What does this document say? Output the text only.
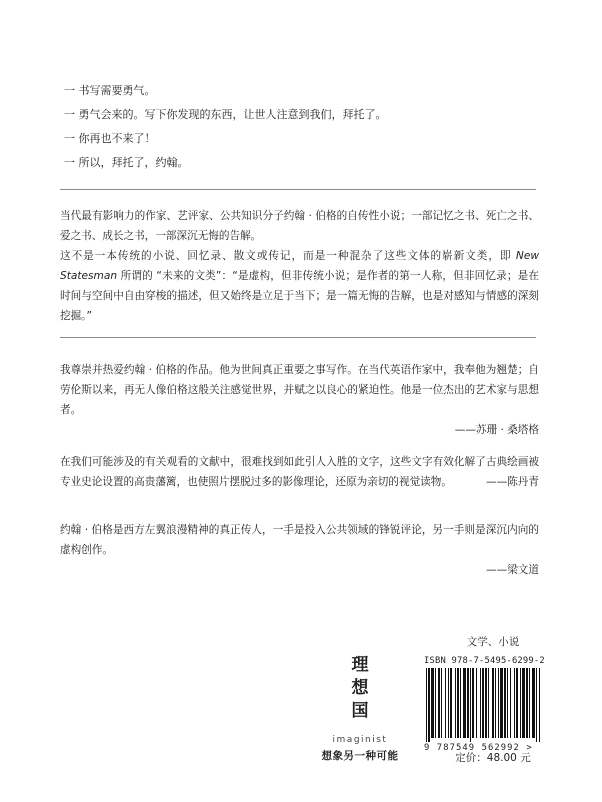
一 书写需要勇气。
一 勇气会来的。写下你发现的东西，让世人注意到我们，拜托了。
一 你再也不来了！
一 所以，拜托了，约翰。

当代最有影响力的作家、艺评家、公共知识分子约翰 · 伯格的自传性小说；一部记忆之书、死亡之书、爱之书、成长之书，一部深沉无悔的告解。

这不是一本传统的小说、回忆录、散文或传记，而是一种混杂了这些文体的崭新文类，即 New Statesman 所谓的 “未来的文类”：“是虚构，但非传统小说；是作者的第一人称，但非回忆录；是在时间与空间中自由穿梭的描述，但又始终是立足于当下；是一篇无悔的告解，也是对感知与情感的深刻挖掘。”

我尊崇并热爱约翰 · 伯格的作品。他为世间真正重要之事写作。在当代英语作家中，我奉他为翘楚；自劳伦斯以来，再无人像伯格这般关注感觉世界，并赋之以良心的紧迫性。他是一位杰出的艺术家与思想者。

——苏珊 · 桑塔格

在我们可能涉及的有关观看的文献中，很难找到如此引人入胜的文字，这些文字有效化解了古典绘画被专业史论设置的高贵藩篱，也使照片摆脱过多的影像理论，还原为亲切的视觉读物。	——陈丹青

约翰 · 伯格是西方左翼浪漫精神的真正传人，一手是投入公共领域的锋锐评论，另一手则是深沉内向的虚构创作。

——梁文道

理
想
国
imaginist
想象另一种可能
文学、小说
ISBN 978-7-5495-6299-2
9 787549 562992 >
定价：48.00 元
